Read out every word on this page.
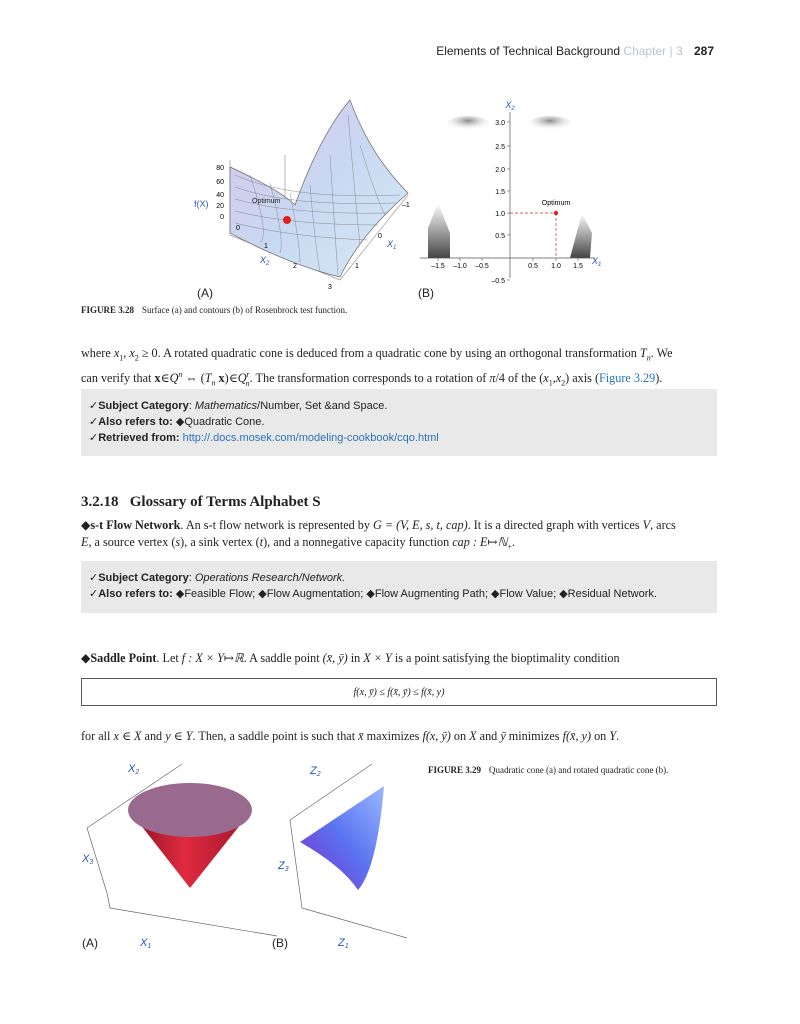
Elements of Technical Background Chapter | 3 287
Optimum
80
60
40
20
0
f(X)
0
1
2
3
$X_2$
–1
0
1
$X_1$
3.0
2.5
2.0
1.5
1.0
0.5
–0.5
–1.5 –1.0 –0.5	0.5 1.0 1.5
$X_2$
$X_1$
Optimum
(A)	(B)
FIGURE 3.28 Surface (a) and contours (b) of Rosenbrock test function.
where $x_1$, $x_2 \ge 0$. A rotated quadratic cone is deduced from a quadratic cone by using an orthogonal transformation $T_n$. We
can verify that $x\in Q^n$ ⇔ ($T_n$ $x)\in Q^r_n$. The transformation corresponds to a rotation of π/4 of the $(x_1,x_2)$ axis (Figure 3.29).
✓Subject Category: Mathematics/Number, Set &and Space.
✓Also refers to: ◆Quadratic Cone.
✓Retrieved from: http://.docs.mosek.com/modeling-cookbook/cqo.html
3.2.18 Glossary of Terms Alphabet S
◆s-t Flow Network. An s-t flow network is represented by G = (V, E, s, t, cap). It is a directed graph with vertices V, arcs
E, a source vertex (s), a sink vertex (t), and a nonnegative capacity function cap : E↦ℕ$_+$.
✓Subject Category: Operations Research/Network.
✓Also refers to: ◆Feasible Flow; ◆Flow Augmentation; ◆Flow Augmenting Path; ◆Flow Value; ◆Residual Network.
◆Saddle Point. Let f : X × Y↦ℝ. A saddle point (x̄, ȳ) in X × Y is a point satisfying the bioptimality condition
f(x, ȳ) ≤ f(x̄, ȳ) ≤ f(x̄, y)
for all x ∈ X and y ∈ Y. Then, a saddle point is such that x̄ maximizes f(x, ȳ) on X and ȳ minimizes f(x̄, y) on Y.
X2
X3
X1
Z2
Z3
Z1
(A)	(B)
FIGURE 3.29 Quadratic cone (a) and rotated quadratic cone (b).
